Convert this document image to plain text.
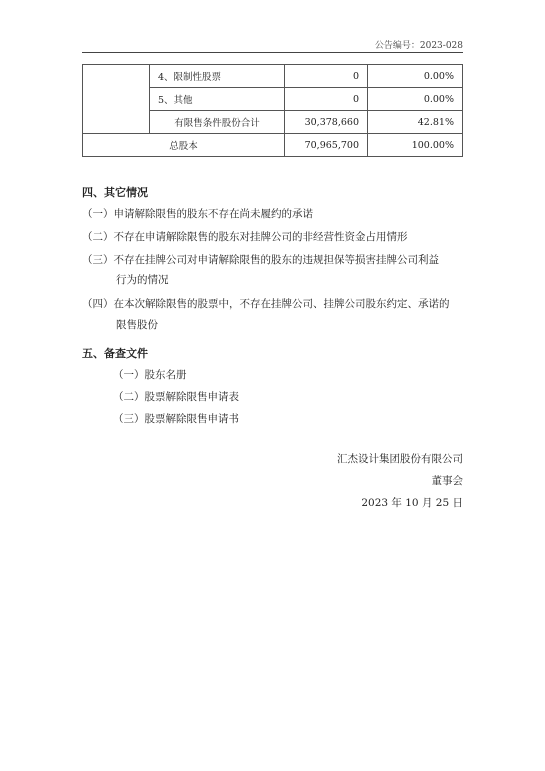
公告编号：2023-028
	4、限制性股票	0	0.00%
	5、其他	0	0.00%
	有限售条件股份合计	30,378,660	42.81%
总股本		70,965,700	100.00%
四、其它情况
（一）申请解除限售的股东不存在尚未履约的承诺
（二）不存在申请解除限售的股东对挂牌公司的非经营性资金占用情形
（三）不存在挂牌公司对申请解除限售的股东的违规担保等损害挂牌公司利益
行为的情况
（四）在本次解除限售的股票中，不存在挂牌公司、挂牌公司股东约定、承诺的
限售股份
五、备查文件
（一）股东名册
（二）股票解除限售申请表
（三）股票解除限售申请书
汇杰设计集团股份有限公司
董事会
2023 年 10 月 25 日
